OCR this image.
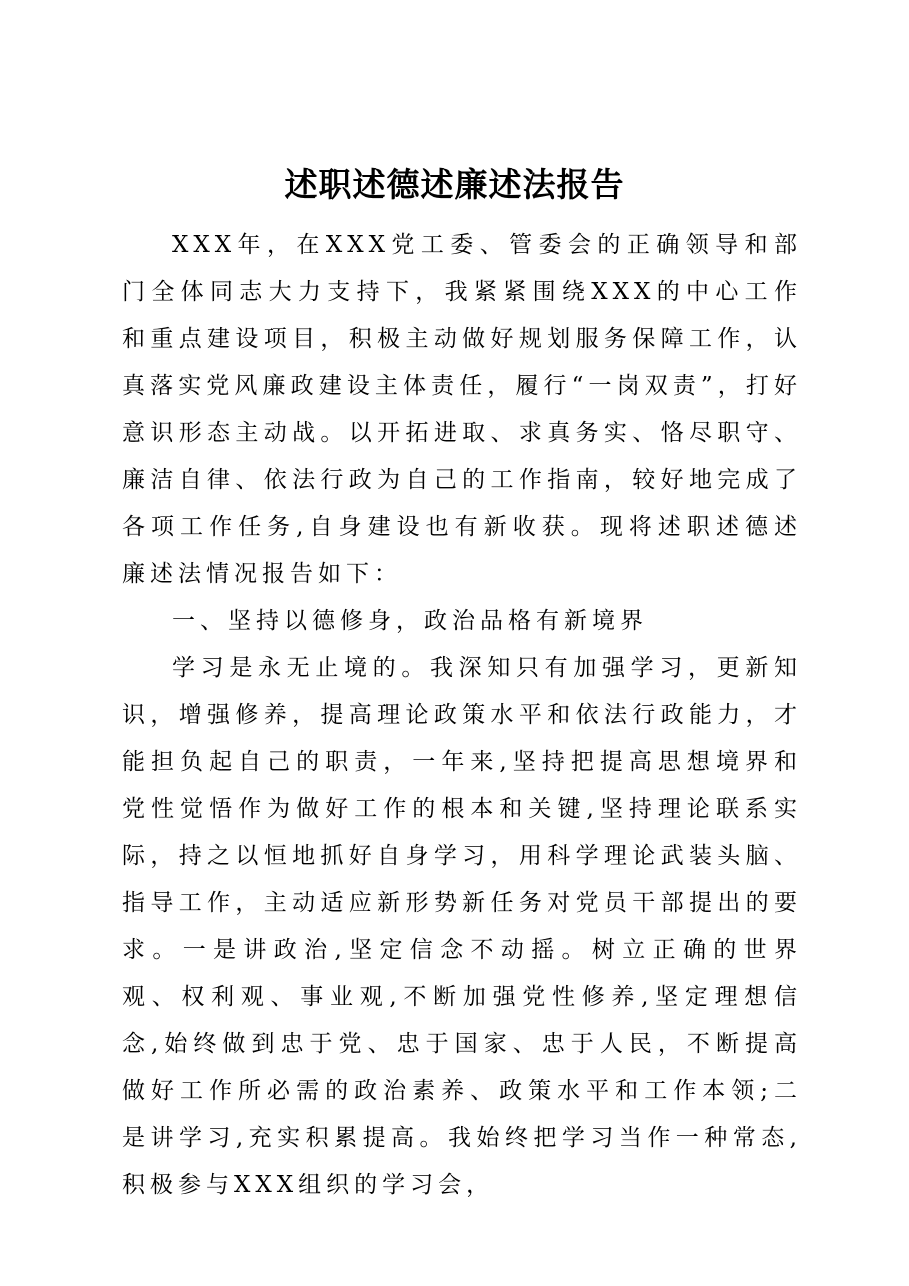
述职述德述廉述法报告

XXX年，在XXX党工委、管委会的正确领导和部门全体同志大力支持下，我紧紧围绕XXX的中心工作和重点建设项目，积极主动做好规划服务保障工作，认真落实党风廉政建设主体责任，履行“一岗双责”，打好意识形态主动战。以开拓进取、求真务实、恪尽职守、廉洁自律、依法行政为自己的工作指南，较好地完成了各项工作任务,自身建设也有新收获。现将述职述德述廉述法情况报告如下：

一、坚持以德修身，政治品格有新境界

学习是永无止境的。我深知只有加强学习，更新知识，增强修养，提高理论政策水平和依法行政能力，才能担负起自己的职责，一年来,坚持把提高思想境界和党性觉悟作为做好工作的根本和关键,坚持理论联系实际，持之以恒地抓好自身学习，用科学理论武装头脑、指导工作，主动适应新形势新任务对党员干部提出的要求。一是讲政治,坚定信念不动摇。树立正确的世界观、权利观、事业观,不断加强党性修养,坚定理想信念,始终做到忠于党、忠于国家、忠于人民，不断提高做好工作所必需的政治素养、政策水平和工作本领;二是讲学习,充实积累提高。我始终把学习当作一种常态,积极参与XXX组织的学习会，
